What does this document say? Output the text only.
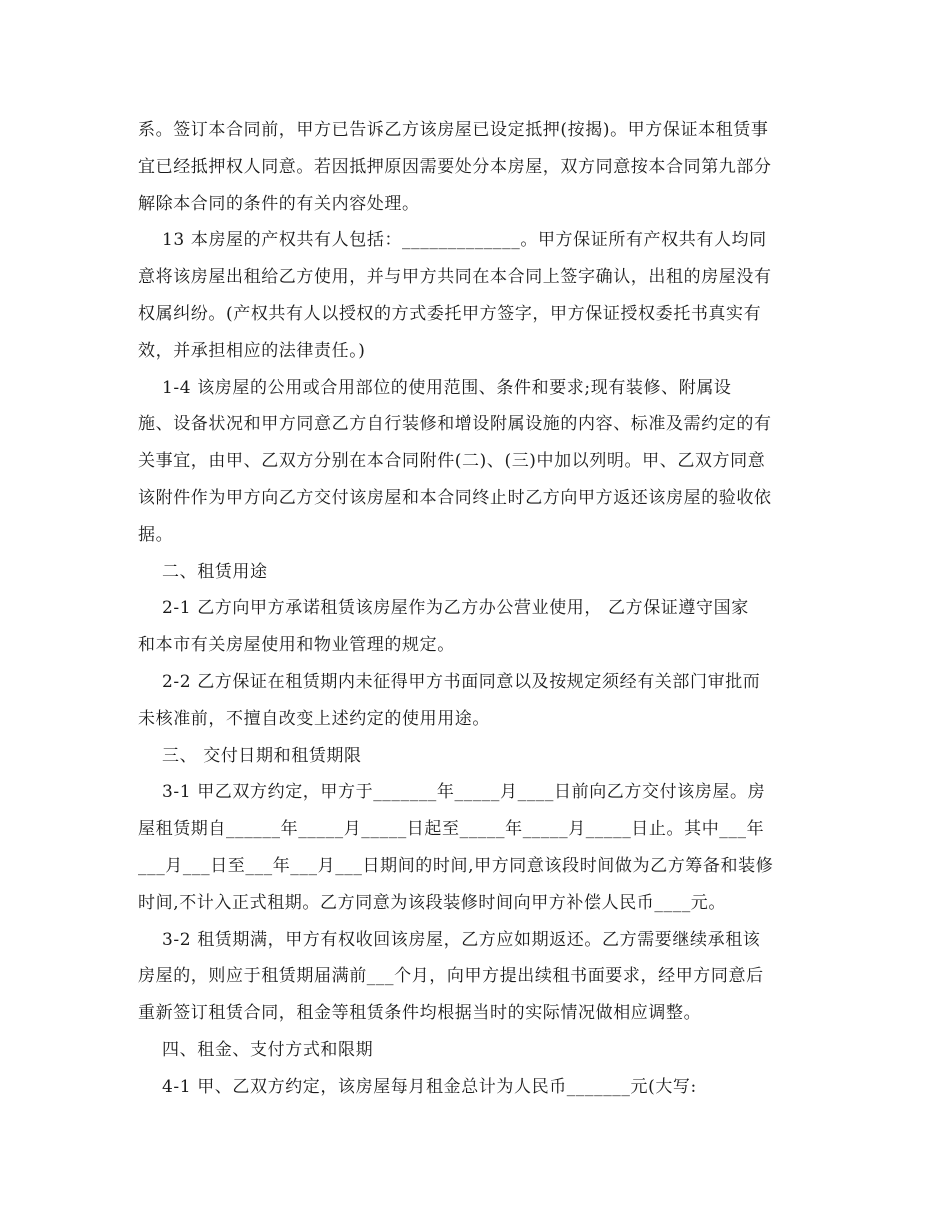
系。签订本合同前，甲方已告诉乙方该房屋已设定抵押(按揭)。甲方保证本租赁事
宜已经抵押权人同意。若因抵押原因需要处分本房屋，双方同意按本合同第九部分
解除本合同的条件的有关内容处理。
13 本房屋的产权共有人包括：_____________。甲方保证所有产权共有人均同
意将该房屋出租给乙方使用，并与甲方共同在本合同上签字确认，出租的房屋没有
权属纠纷。(产权共有人以授权的方式委托甲方签字，甲方保证授权委托书真实有
效，并承担相应的法律责任。)
1-4 该房屋的公用或合用部位的使用范围、条件和要求;现有装修、附属设
施、设备状况和甲方同意乙方自行装修和增设附属设施的内容、标准及需约定的有
关事宜，由甲、乙双方分别在本合同附件(二)、(三)中加以列明。甲、乙双方同意
该附件作为甲方向乙方交付该房屋和本合同终止时乙方向甲方返还该房屋的验收依
据。
二、租赁用途
2-1 乙方向甲方承诺租赁该房屋作为乙方办公营业使用， 乙方保证遵守国家
和本市有关房屋使用和物业管理的规定。
2-2 乙方保证在租赁期内未征得甲方书面同意以及按规定须经有关部门审批而
未核准前，不擅自改变上述约定的使用用途。
三、 交付日期和租赁期限
3-1 甲乙双方约定，甲方于_______年_____月____日前向乙方交付该房屋。房
屋租赁期自______年_____月_____日起至_____年_____月_____日止。其中___年
___月___日至___年___月___日期间的时间,甲方同意该段时间做为乙方筹备和装修
时间,不计入正式租期。乙方同意为该段装修时间向甲方补偿人民币____元。
3-2 租赁期满，甲方有权收回该房屋，乙方应如期返还。乙方需要继续承租该
房屋的，则应于租赁期届满前___个月，向甲方提出续租书面要求，经甲方同意后
重新签订租赁合同，租金等租赁条件均根据当时的实际情况做相应调整。
四、租金、支付方式和限期
4-1 甲、乙双方约定，该房屋每月租金总计为人民币_______元(大写:
